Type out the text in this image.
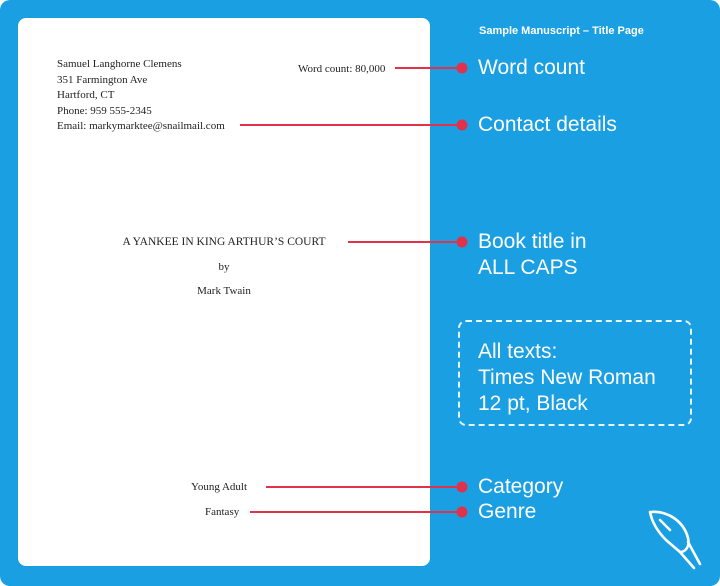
Samuel Langhorne Clemens
351 Farmington Ave
Hartford, CT
Phone: 959 555-2345
Email: markymarktee@snailmail.com
Word count: 80,000
A YANKEE IN KING ARTHUR’S COURT
by
Mark Twain
Young Adult
Fantasy
Sample Manuscript – Title Page
Word count
Contact details
Book title in
ALL CAPS
Category
Genre
All texts:
Times New Roman
12 pt, Black
